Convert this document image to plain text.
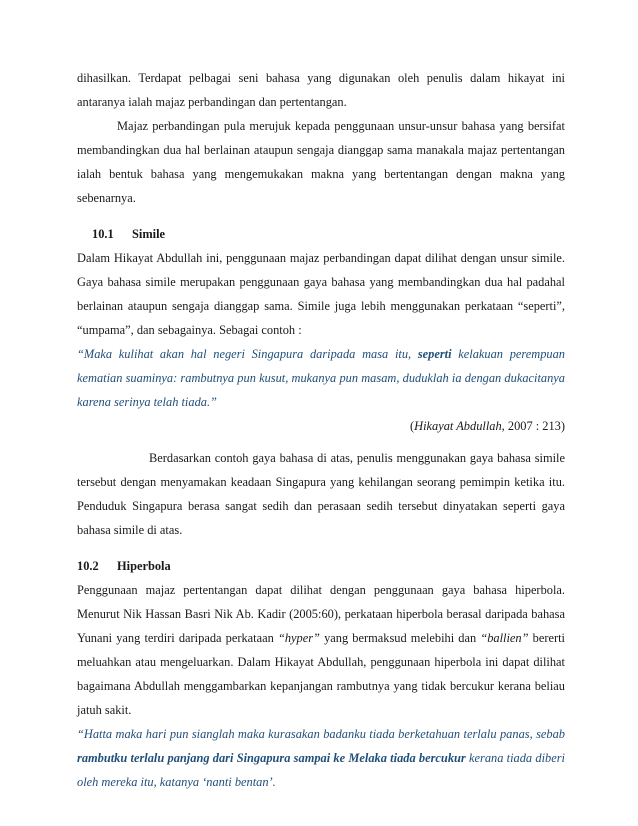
dihasilkan. Terdapat pelbagai seni bahasa yang digunakan oleh penulis dalam hikayat ini antaranya ialah majaz perbandingan dan pertentangan.

Majaz perbandingan pula merujuk kepada penggunaan unsur-unsur bahasa yang bersifat membandingkan dua hal berlainan ataupun sengaja dianggap sama manakala majaz pertentangan ialah bentuk bahasa yang mengemukakan makna yang bertentangan dengan makna yang sebenarnya.

10.1 Simile

Dalam Hikayat Abdullah ini, penggunaan majaz perbandingan dapat dilihat dengan unsur simile. Gaya bahasa simile merupakan penggunaan gaya bahasa yang membandingkan dua hal padahal berlainan ataupun sengaja dianggap sama. Simile juga lebih menggunakan perkataan “seperti”, “umpama”, dan sebagainya. Sebagai contoh :

“Maka kulihat akan hal negeri Singapura daripada masa itu, seperti kelakuan perempuan kematian suaminya: rambutnya pun kusut, mukanya pun masam, duduklah ia dengan dukacitanya karena serinya telah tiada.”

(Hikayat Abdullah, 2007 : 213)

Berdasarkan contoh gaya bahasa di atas, penulis menggunakan gaya bahasa simile tersebut dengan menyamakan keadaan Singapura yang kehilangan seorang pemimpin ketika itu. Penduduk Singapura berasa sangat sedih dan perasaan sedih tersebut dinyatakan seperti gaya bahasa simile di atas.

10.2 Hiperbola

Penggunaan majaz pertentangan dapat dilihat dengan penggunaan gaya bahasa hiperbola. Menurut Nik Hassan Basri Nik Ab. Kadir (2005:60), perkataan hiperbola berasal daripada bahasa Yunani yang terdiri daripada perkataan “hyper” yang bermaksud melebihi dan “ballien” bererti meluahkan atau mengeluarkan. Dalam Hikayat Abdullah, penggunaan hiperbola ini dapat dilihat bagaimana Abdullah menggambarkan kepanjangan rambutnya yang tidak bercukur kerana beliau jatuh sakit.

“Hatta maka hari pun sianglah maka kurasakan badanku tiada berketahuan terlalu panas, sebab rambutku terlalu panjang dari Singapura sampai ke Melaka tiada bercukur kerana tiada diberi oleh mereka itu, katanya ‘nanti bentan’.
